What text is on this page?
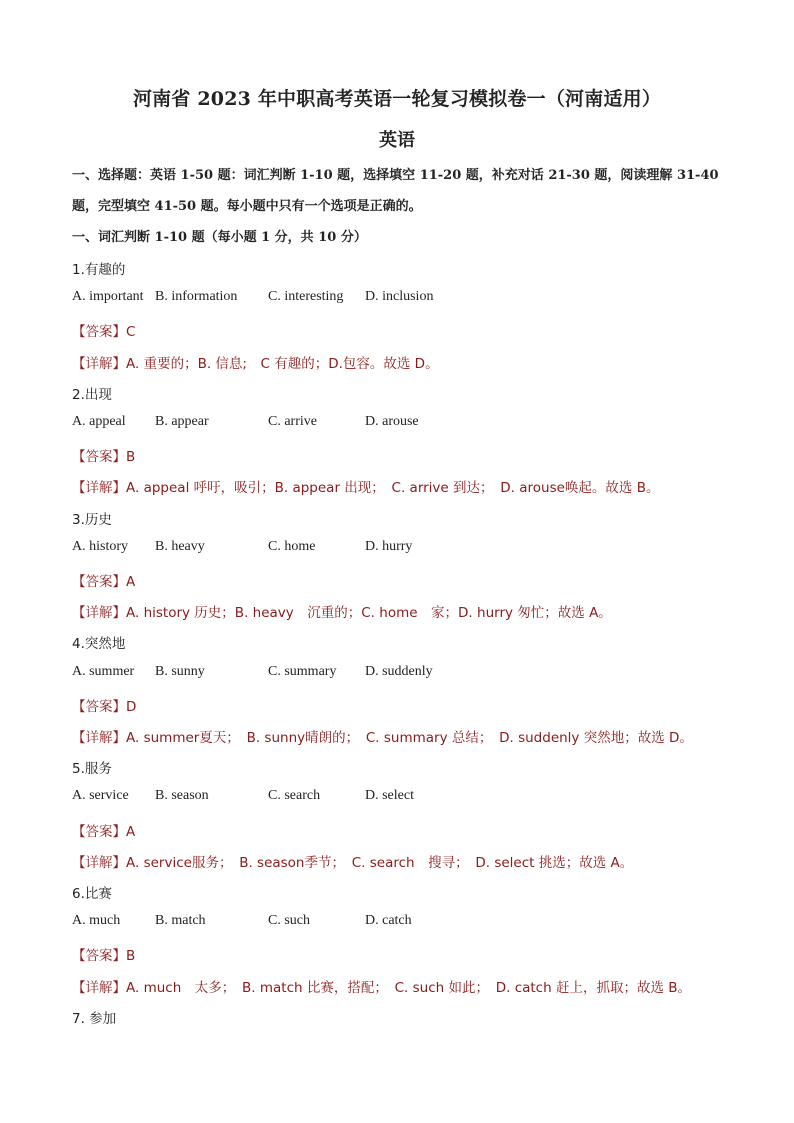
河南省 2023 年中职高考英语一轮复习模拟卷一（河南适用）
英语
一、选择题：英语 1-50 题：词汇判断 1-10 题，选择填空 11-20 题，补充对话 21-30 题，阅读理解 31-40 题，完型填空 41-50 题。每小题中只有一个选项是正确的。
一、词汇判断 1-10 题（每小题 1 分，共 10 分）
1.有趣的
A. important B. information C. interesting D. inclusion
【答案】C
【详解】A. 重要的；B. 信息;　C 有趣的；D.包容。故选 D。
2.出现
A. appeal B. appear	C. arrive	D. arouse
【答案】B
【详解】A. appeal 呼吁，吸引；B. appear 出现；　C. arrive 到达；　D. arouse唤起。故选 B。
3.历史
A. history B. heavy	C. home	D. hurry
【答案】A
【详解】A. history 历史；B. heavy　沉重的；C. home　家；D. hurry 匆忙；故选 A。
4.突然地
A. summer B. sunny	C. summary D. suddenly
【答案】D
【详解】A. summer夏天；　B. sunny晴朗的；　C. summary 总结；　D. suddenly 突然地；故选 D。
5.服务
A. service B. season	C. search	D. select
【答案】A
【详解】A. service服务；　B. season季节；　C. search　搜寻；　D. select 挑选；故选 A。
6.比赛
A. much B. match	C. such	D. catch
【答案】B
【详解】A. much　太多；　B. match 比赛，搭配；　C. such 如此；　D. catch 赶上，抓取；故选 B。
7. 参加
